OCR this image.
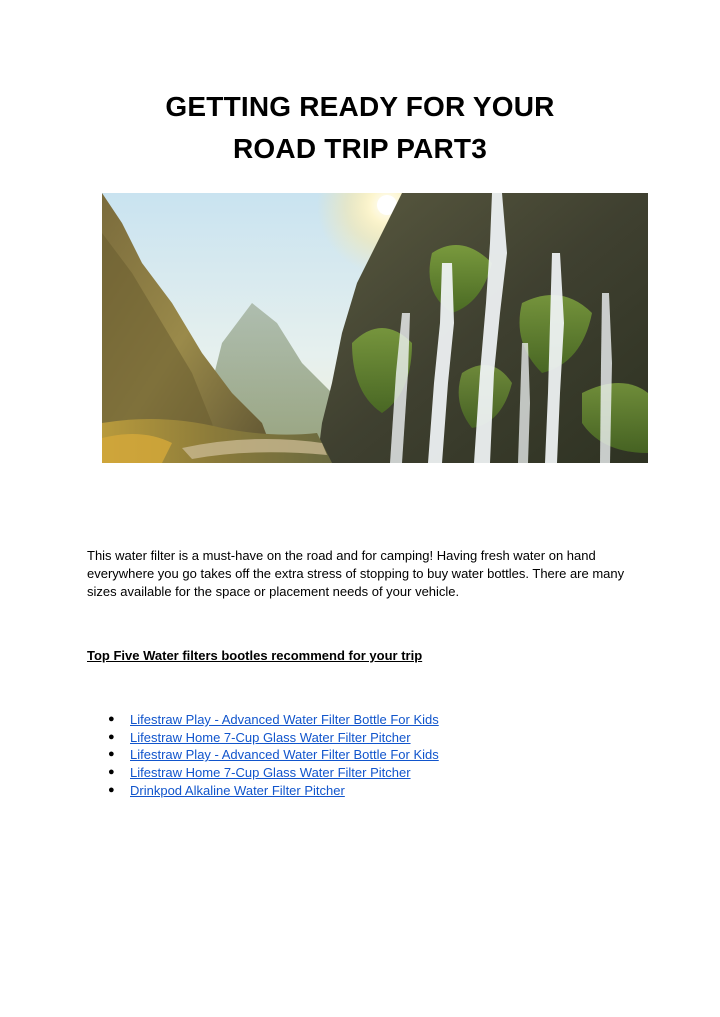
GETTING READY FOR YOUR
ROAD TRIP PART3

This water filter is a must-have on the road and for camping! Having fresh water on hand everywhere you go takes off the extra stress of stopping to buy water bottles. There are many sizes available for the space or placement needs of your vehicle.

Top Five Water filters bootles recommend for your trip
● Lifestraw Play - Advanced Water Filter Bottle For Kids
● Lifestraw Home 7-Cup Glass Water Filter Pitcher
● Lifestraw Play - Advanced Water Filter Bottle For Kids
● Lifestraw Home 7-Cup Glass Water Filter Pitcher
● Drinkpod Alkaline Water Filter Pitcher
